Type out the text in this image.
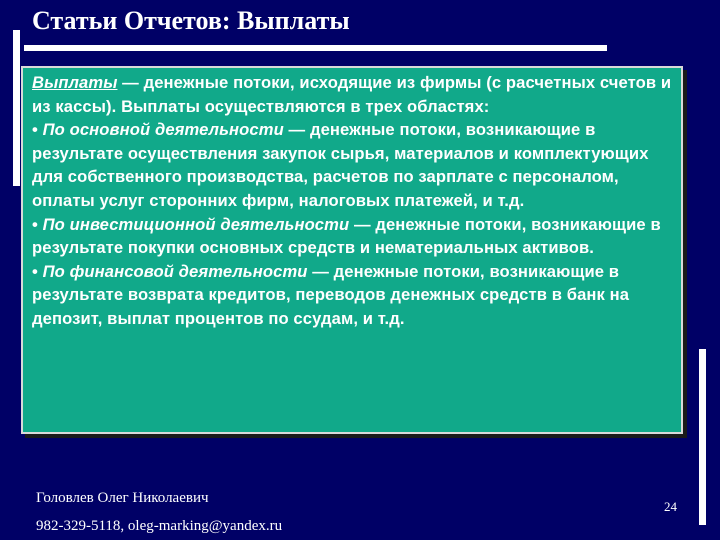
Статьи Отчетов: Выплаты

Выплаты — денежные потоки, исходящие из фирмы (с расчетных счетов и из кассы). Выплаты осуществляются в трех областях:
• По основной деятельности — денежные потоки, возникающие в результате осуществления закупок сырья, материалов и комплектующих для собственного производства, расчетов по зарплате с персоналом, оплаты услуг сторонних фирм, налоговых платежей, и т.д.
• По инвестиционной деятельности — денежные потоки, возникающие в результате покупки основных средств и нематериальных активов.
• По финансовой деятельности — денежные потоки, возникающие в результате возврата кредитов, переводов денежных средств в банк на депозит, выплат процентов по ссудам, и т.д.

Головлев Олег Николаевич
982-329-5118, oleg-marking@yandex.ru
24
